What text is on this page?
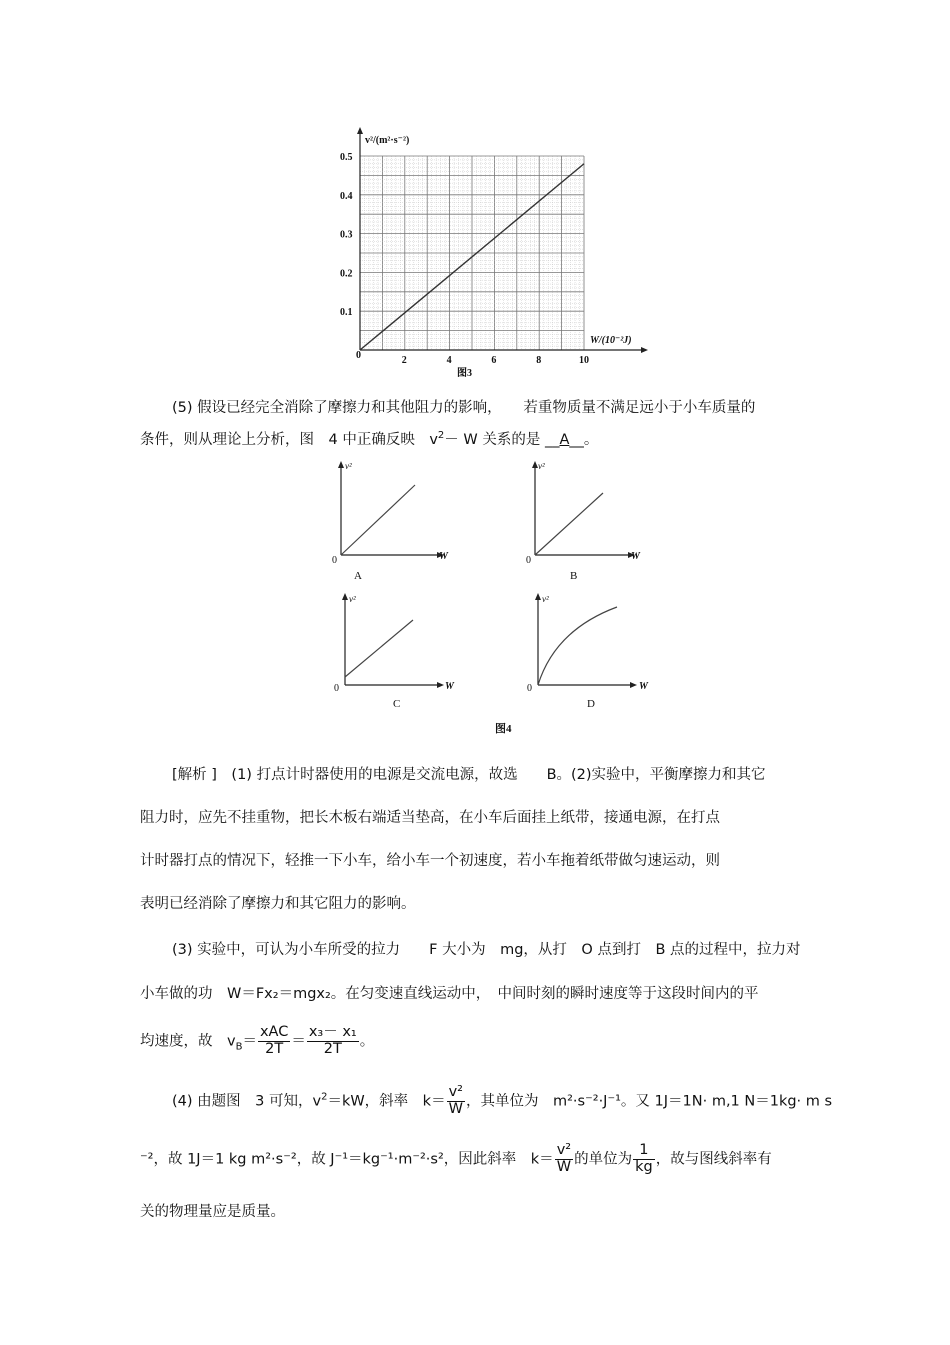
2	4	6	8	10
0.1
0.2
0.3
0.4
0.5
v²/(m²·s⁻²)
W/(10⁻²J)
0
图3
(5) 假设已经完全消除了摩擦力和其他阻力的影响，　　若重物质量不满足远小于小车质量的
条件，则从理论上分析，图　4 中正确反映　$v^2- W$ 关系的是 __A__。
v²
W
0
A
v²
W
0
B
v²
W
0
C
v²
W
0
D
图4
[解析 ]　(1) 打点计时器使用的电源是交流电源，故选　　B。(2)实验中，平衡摩擦力和其它
阻力时，应先不挂重物，把长木板右端适当垫高，在小车后面挂上纸带，接通电源，在打点
计时器打点的情况下，轻推一下小车，给小车一个初速度，若小车拖着纸带做匀速运动，则
表明已经消除了摩擦力和其它阻力的影响。
(3) 实验中，可认为小车所受的拉力　　F 大小为　mg，从打　O 点到打　B 点的过程中，拉力对
小车做的功　W＝Fx₂＝mgx₂。在匀变速直线运动中，　中间时刻的瞬时速度等于这段时间内的平
均速度，故　$v_B= \frac{\text{xAC}}{2T} = \frac{\text{x₃－ x₁}}{2T}$ 。
(4) 由题图　3 可知，$v^2=kW$，斜率　$k= \frac{\text{v²}}{W}$ ，其单位为　m²·s⁻²·J⁻¹。又 1J＝1N· m,1 N＝1kg· m s
⁻²，故 1J＝1 kg m²·s⁻²，故 J⁻¹＝kg⁻¹·m⁻²·s²，因此斜率　$k= \frac{\text{v²}}{W}$ 的单位为 $\frac{1}{kg}$ ，故与图线斜率有
关的物理量应是质量。
